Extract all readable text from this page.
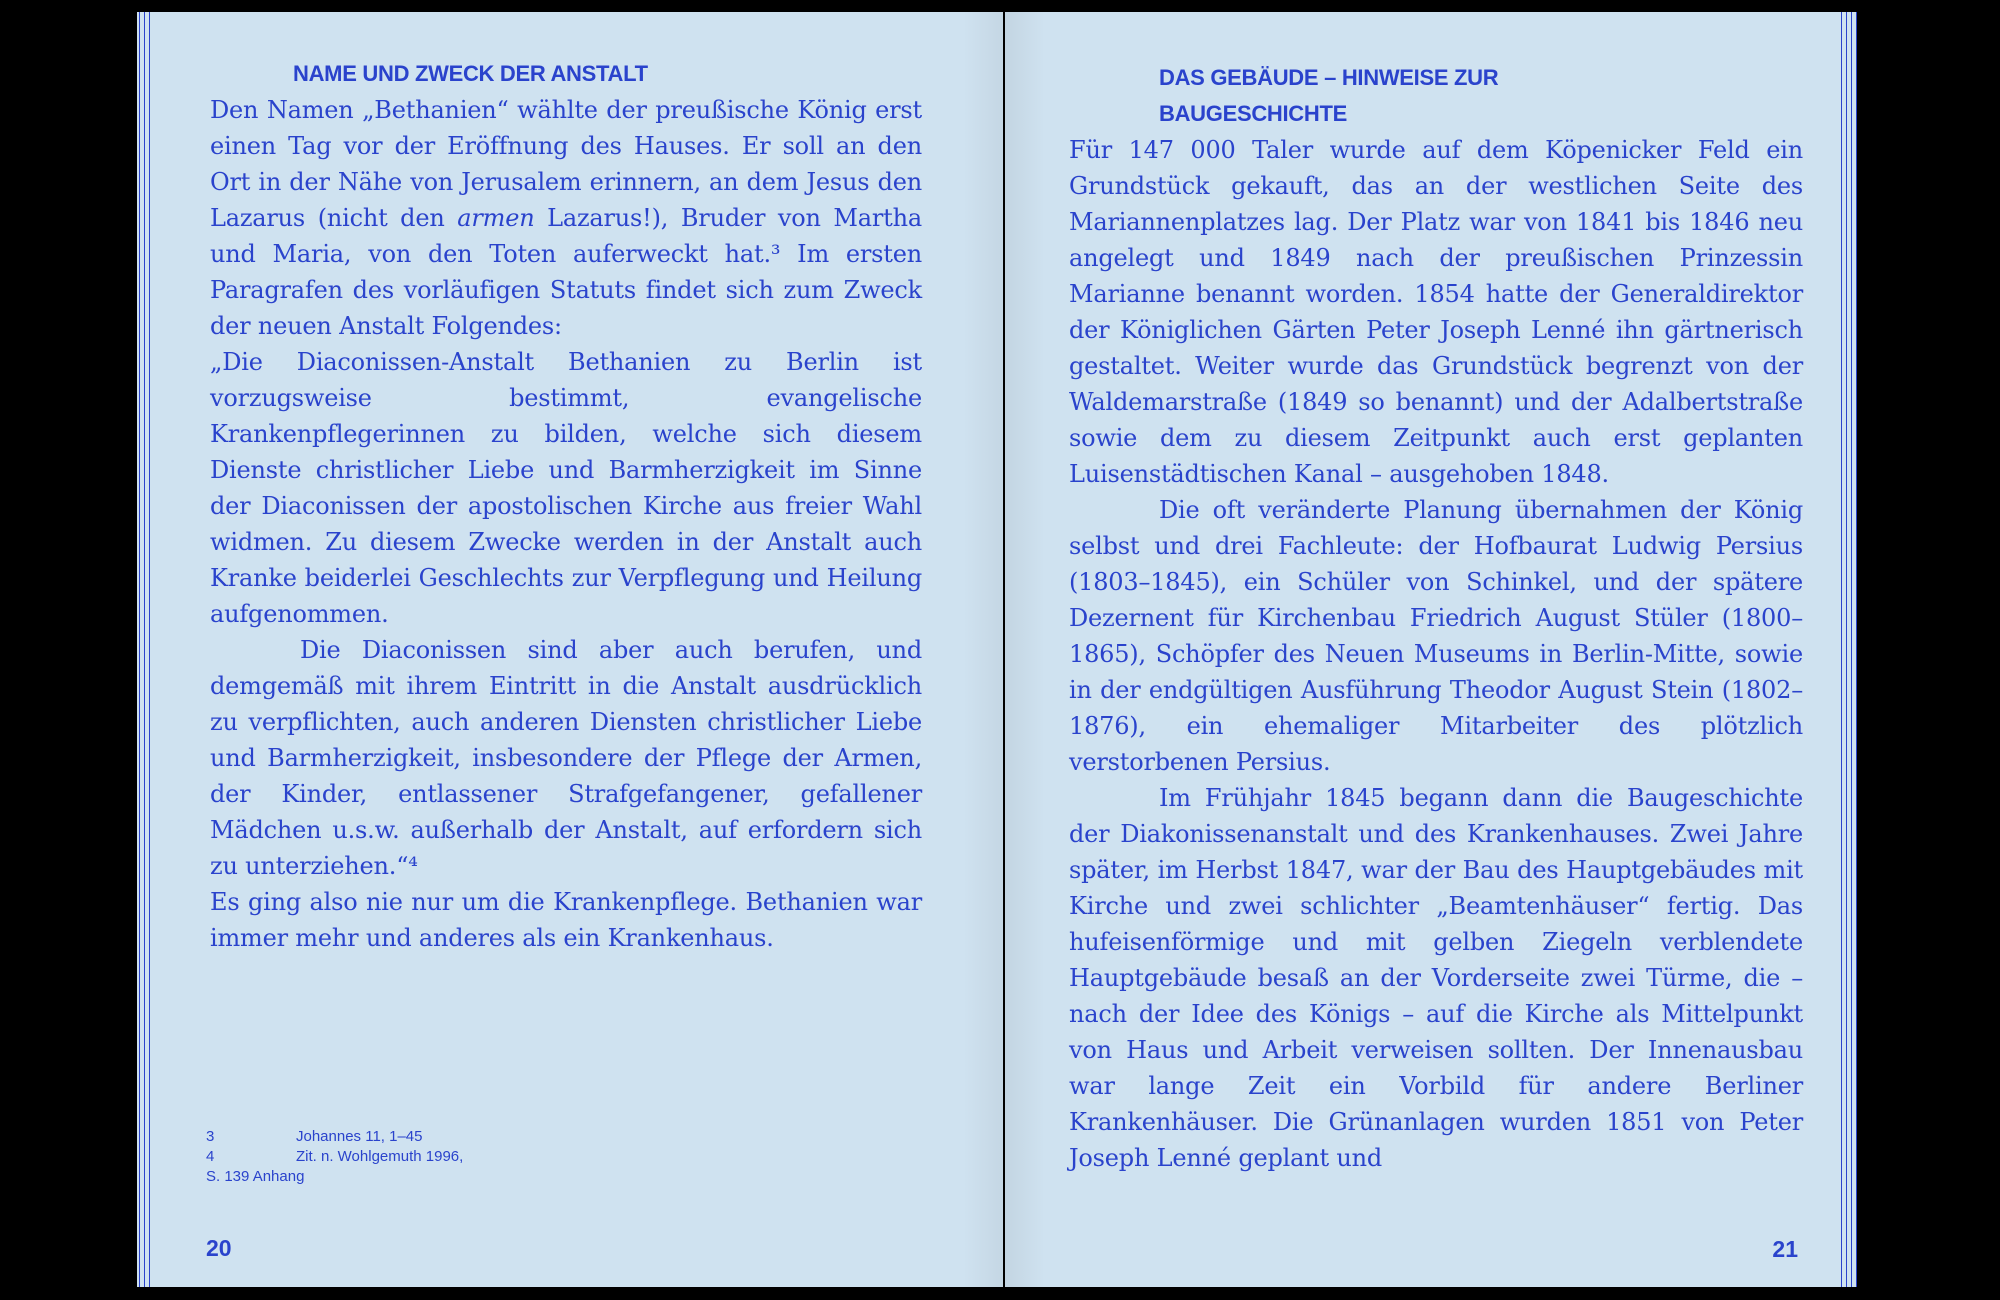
NAME UND ZWECK DER ANSTALT

Den Namen „Bethanien“ wählte der preußische König erst einen Tag vor der Eröffnung des Hauses. Er soll an den Ort in der Nähe von Jerusalem erinnern, an dem Jesus den Lazarus (nicht den armen Lazarus!), Bruder von Martha und Maria, von den Toten auferweckt hat.³ Im ersten Paragrafen des vorläufigen Statuts findet sich zum Zweck der neuen Anstalt Folgendes:

„Die Diaconissen-Anstalt Bethanien zu Berlin ist vorzugsweise bestimmt, evangelische Krankenpflegerinnen zu bilden, welche sich diesem Dienste christlicher Liebe und Barmherzigkeit im Sinne der Diaconissen der apostolischen Kirche aus freier Wahl widmen. Zu diesem Zwecke werden in der Anstalt auch Kranke beiderlei Geschlechts zur Verpflegung und Heilung aufgenommen.

Die Diaconissen sind aber auch berufen, und demgemäß mit ihrem Eintritt in die Anstalt ausdrücklich zu verpflichten, auch anderen Diensten christlicher Liebe und Barmherzigkeit, insbesondere der Pflege der Armen, der Kinder, entlassener Strafgefangener, gefallener Mädchen u.s.w. außerhalb der Anstalt, auf erfordern sich zu unterziehen.“⁴

Es ging also nie nur um die Krankenpflege. Bethanien war immer mehr und anderes als ein Krankenhaus.

3	Johannes 11, 1–45
4	Zit. n. Wohlgemuth 1996,
S. 139 Anhang
20
DAS GEBÄUDE – HINWEISE ZUR
BAUGESCHICHTE

Für 147 000 Taler wurde auf dem Köpenicker Feld ein Grundstück gekauft, das an der westlichen Seite des Mariannenplatzes lag. Der Platz war von 1841 bis 1846 neu angelegt und 1849 nach der preußischen Prinzessin Marianne benannt worden. 1854 hatte der Generaldirektor der Königlichen Gärten Peter Joseph Lenné ihn gärtnerisch gestaltet. Weiter wurde das Grundstück begrenzt von der Waldemarstraße (1849 so benannt) und der Adalbertstraße sowie dem zu diesem Zeitpunkt auch erst geplanten Luisenstädtischen Kanal – ausgehoben 1848.

Die oft veränderte Planung übernahmen der König selbst und drei Fachleute: der Hofbaurat Ludwig Persius (1803–1845), ein Schüler von Schinkel, und der spätere Dezernent für Kirchenbau Friedrich August Stüler (1800–1865), Schöpfer des Neuen Museums in Berlin-Mitte, sowie in der endgültigen Ausführung Theodor August Stein (1802–1876), ein ehemaliger Mitarbeiter des plötzlich verstorbenen Persius.

Im Frühjahr 1845 begann dann die Baugeschichte der Diakonissenanstalt und des Krankenhauses. Zwei Jahre später, im Herbst 1847, war der Bau des Hauptgebäudes mit Kirche und zwei schlichter „Beamtenhäuser“ fertig. Das hufeisenförmige und mit gelben Ziegeln verblendete Hauptgebäude besaß an der Vorderseite zwei Türme, die – nach der Idee des Königs – auf die Kirche als Mittelpunkt von Haus und Arbeit verweisen sollten. Der Innenausbau war lange Zeit ein Vorbild für andere Berliner Krankenhäuser. Die Grünanlagen wurden 1851 von Peter Joseph Lenné geplant und

21
